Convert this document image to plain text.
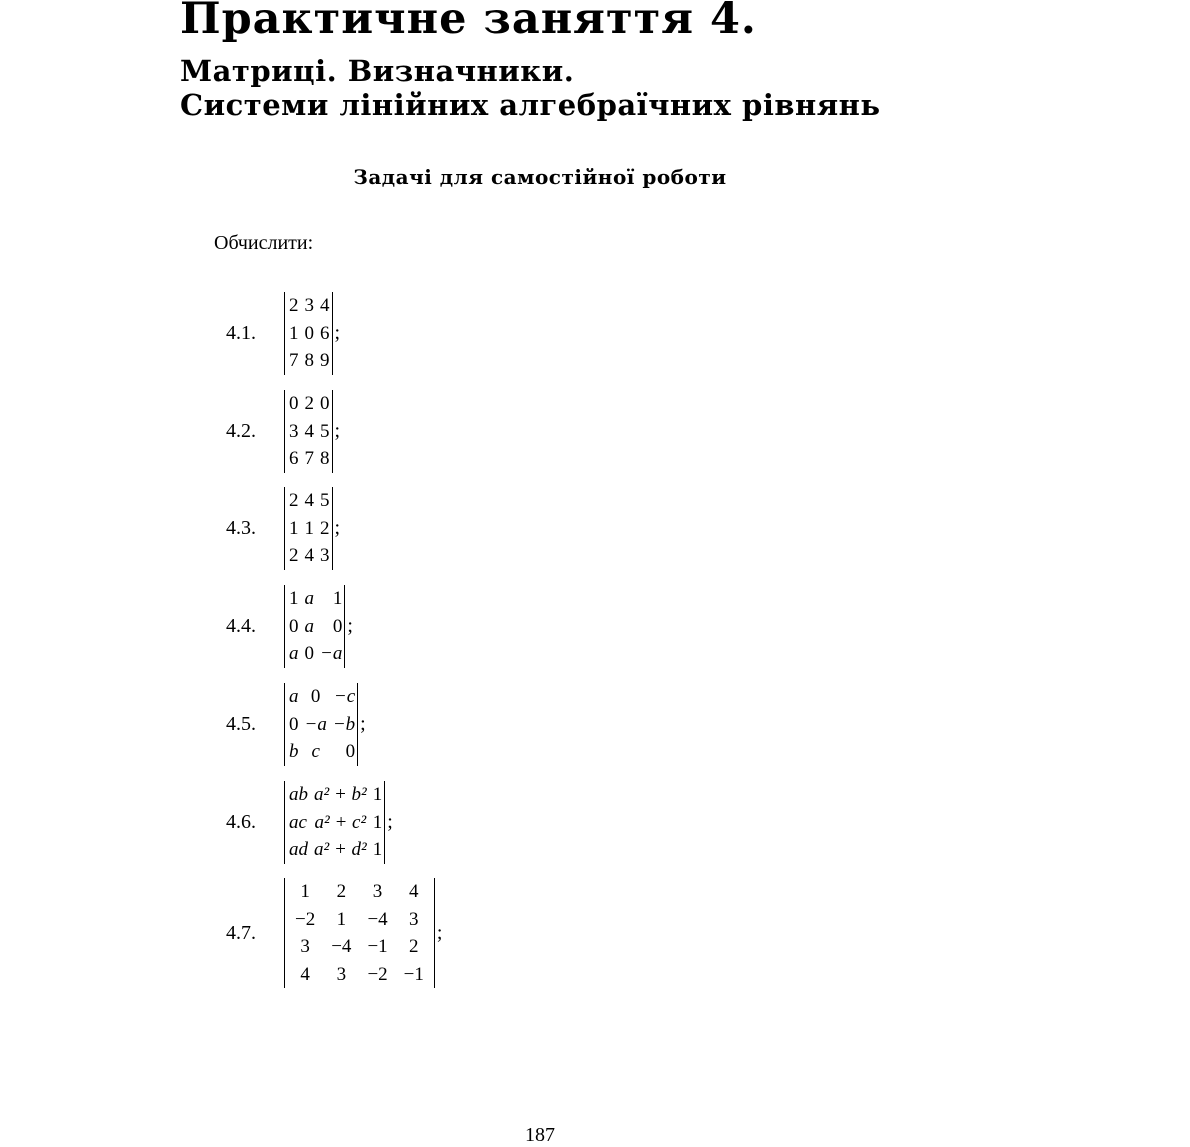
Практичне заняття 4.
Матриці. Визначники.
Системи лінійних алгебраїчних рівнянь
Задачі для самостійної роботи
Обчислити:
4.1.
2	3	4
1	0	6
7	8	9
;
4.2.
0	2	0
3	4	5
6	7	8
;
4.3.
2	4	5
1	1	2
2	4	3
;
4.4.
1	a	1
0	a	0
a	0	−a
;
4.5.
a	0	−c
0	−a	−b
b	c	0
;
4.6.
ab	a² + b²	1
ac	a² + c²	1
ad	a² + d²	1
;
4.7.
1	2	3	4
−2	1	−4	3
3	−4	−1	2
4	3	−2	−1
;
187
